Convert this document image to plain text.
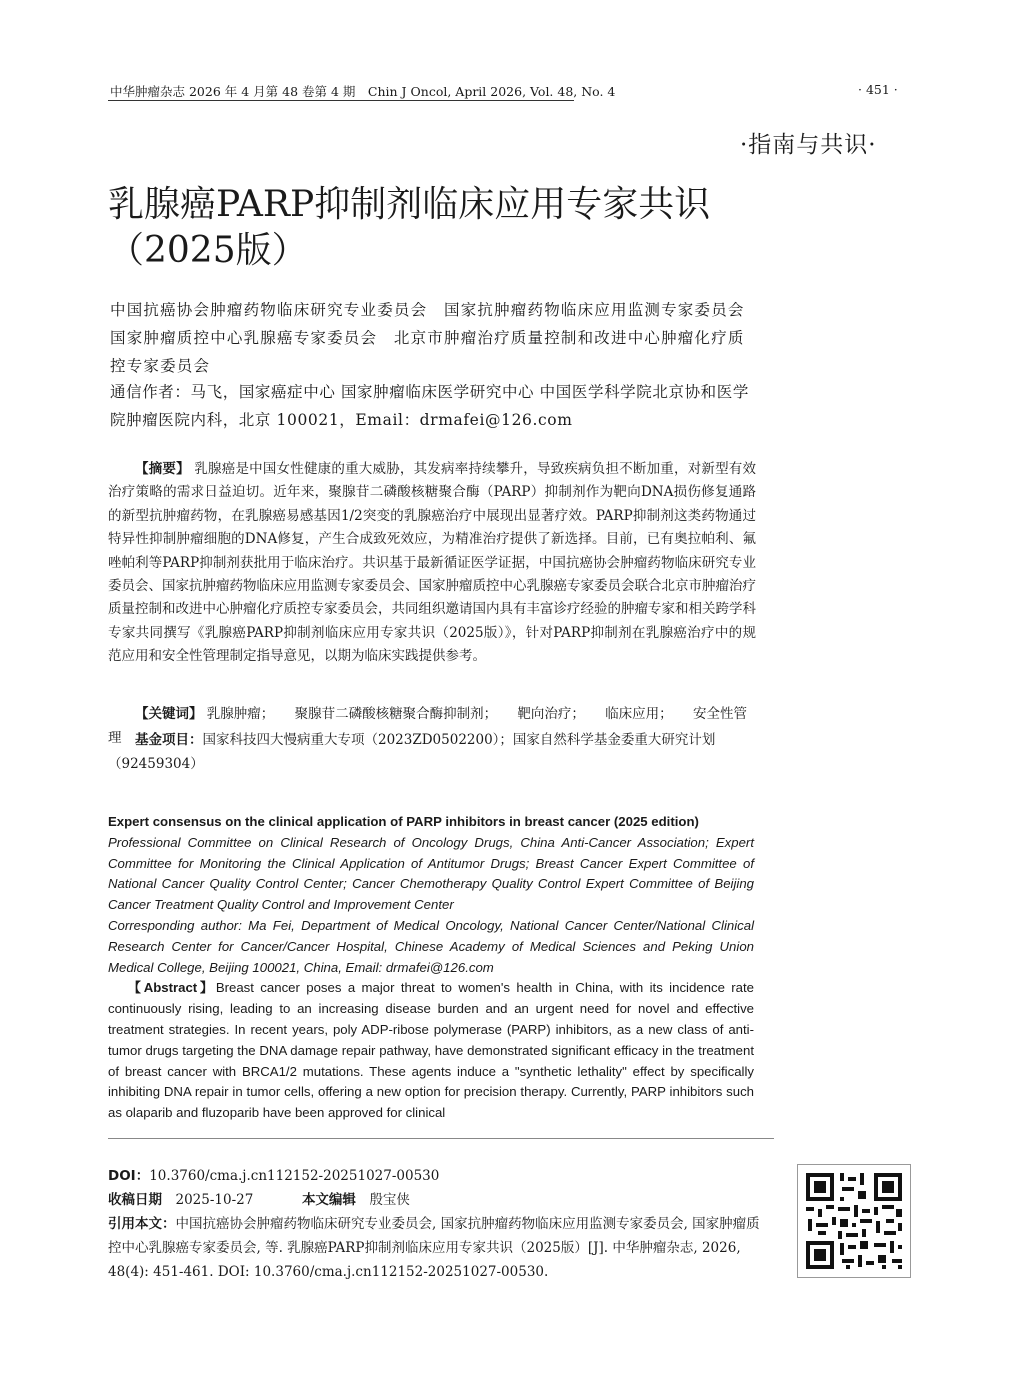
中华肿瘤杂志 2026 年 4 月第 48 卷第 4 期　Chin J Oncol, April 2026, Vol. 48, No. 4	· 451 ·
·指南与共识·
乳腺癌PARP抑制剂临床应用专家共识
（2025版）
中国抗癌协会肿瘤药物临床研究专业委员会　国家抗肿瘤药物临床应用监测专家委员会　国家肿瘤质控中心乳腺癌专家委员会　北京市肿瘤治疗质量控制和改进中心肿瘤化疗质控专家委员会
通信作者：马飞，国家癌症中心 国家肿瘤临床医学研究中心 中国医学科学院北京协和医学院肿瘤医院内科，北京 100021，Email：drmafei@126.com

【摘要】 乳腺癌是中国女性健康的重大威胁，其发病率持续攀升，导致疾病负担不断加重，对新型有效治疗策略的需求日益迫切。近年来，聚腺苷二磷酸核糖聚合酶（PARP）抑制剂作为靶向DNA损伤修复通路的新型抗肿瘤药物，在乳腺癌易感基因1/2突变的乳腺癌治疗中展现出显著疗效。PARP抑制剂这类药物通过特异性抑制肿瘤细胞的DNA修复，产生合成致死效应，为精准治疗提供了新选择。目前，已有奥拉帕利、氟唑帕利等PARP抑制剂获批用于临床治疗。共识基于最新循证医学证据，中国抗癌协会肿瘤药物临床研究专业委员会、国家抗肿瘤药物临床应用监测专家委员会、国家肿瘤质控中心乳腺癌专家委员会联合北京市肿瘤治疗质量控制和改进中心肿瘤化疗质控专家委员会，共同组织邀请国内具有丰富诊疗经验的肿瘤专家和相关跨学科专家共同撰写《乳腺癌PARP抑制剂临床应用专家共识（2025版）》，针对PARP抑制剂在乳腺癌治疗中的规范应用和安全性管理制定指导意见，以期为临床实践提供参考。

【关键词】 乳腺肿瘤； 聚腺苷二磷酸核糖聚合酶抑制剂； 靶向治疗； 临床应用； 安全性管理	基金项目：国家科技四大慢病重大专项（2023ZD0502200）；国家自然科学基金委重大研究计划（92459304）
Expert consensus on the clinical application of PARP inhibitors in breast cancer (2025 edition)
Professional Committee on Clinical Research of Oncology Drugs, China Anti-Cancer Association; Expert Committee for Monitoring the Clinical Application of Antitumor Drugs; Breast Cancer Expert Committee of National Cancer Quality Control Center; Cancer Chemotherapy Quality Control Expert Committee of Beijing Cancer Treatment Quality Control and Improvement Center
Corresponding author: Ma Fei, Department of Medical Oncology, National Cancer Center/National Clinical Research Center for Cancer/Cancer Hospital, Chinese Academy of Medical Sciences and Peking Union Medical College, Beijing 100021, China, Email: drmafei@126.com
【Abstract】Breast cancer poses a major threat to women's health in China, with its incidence rate continuously rising, leading to an increasing disease burden and an urgent need for novel and effective treatment strategies. In recent years, poly ADP-ribose polymerase (PARP) inhibitors, as a new class of anti-tumor drugs targeting the DNA damage repair pathway, have demonstrated significant efficacy in the treatment of breast cancer with BRCA1/2 mutations. These agents induce a "synthetic lethality" effect by specifically inhibiting DNA repair in tumor cells, offering a new option for precision therapy. Currently, PARP inhibitors such as olaparib and fluzoparib have been approved for clinical
DOI：10.3760/cma.j.cn112152-20251027-00530
收稿日期　 2025-10-27	本文编辑　 殷宝侠
引用本文：中国抗癌协会肿瘤药物临床研究专业委员会, 国家抗肿瘤药物临床应用监测专家委员会, 国家肿瘤质控中心乳腺癌专家委员会, 等. 乳腺癌PARP抑制剂临床应用专家共识（2025版）[J]. 中华肿瘤杂志, 2026, 48(4): 451-461. DOI: 10.3760/cma.j.cn112152-20251027-00530.
